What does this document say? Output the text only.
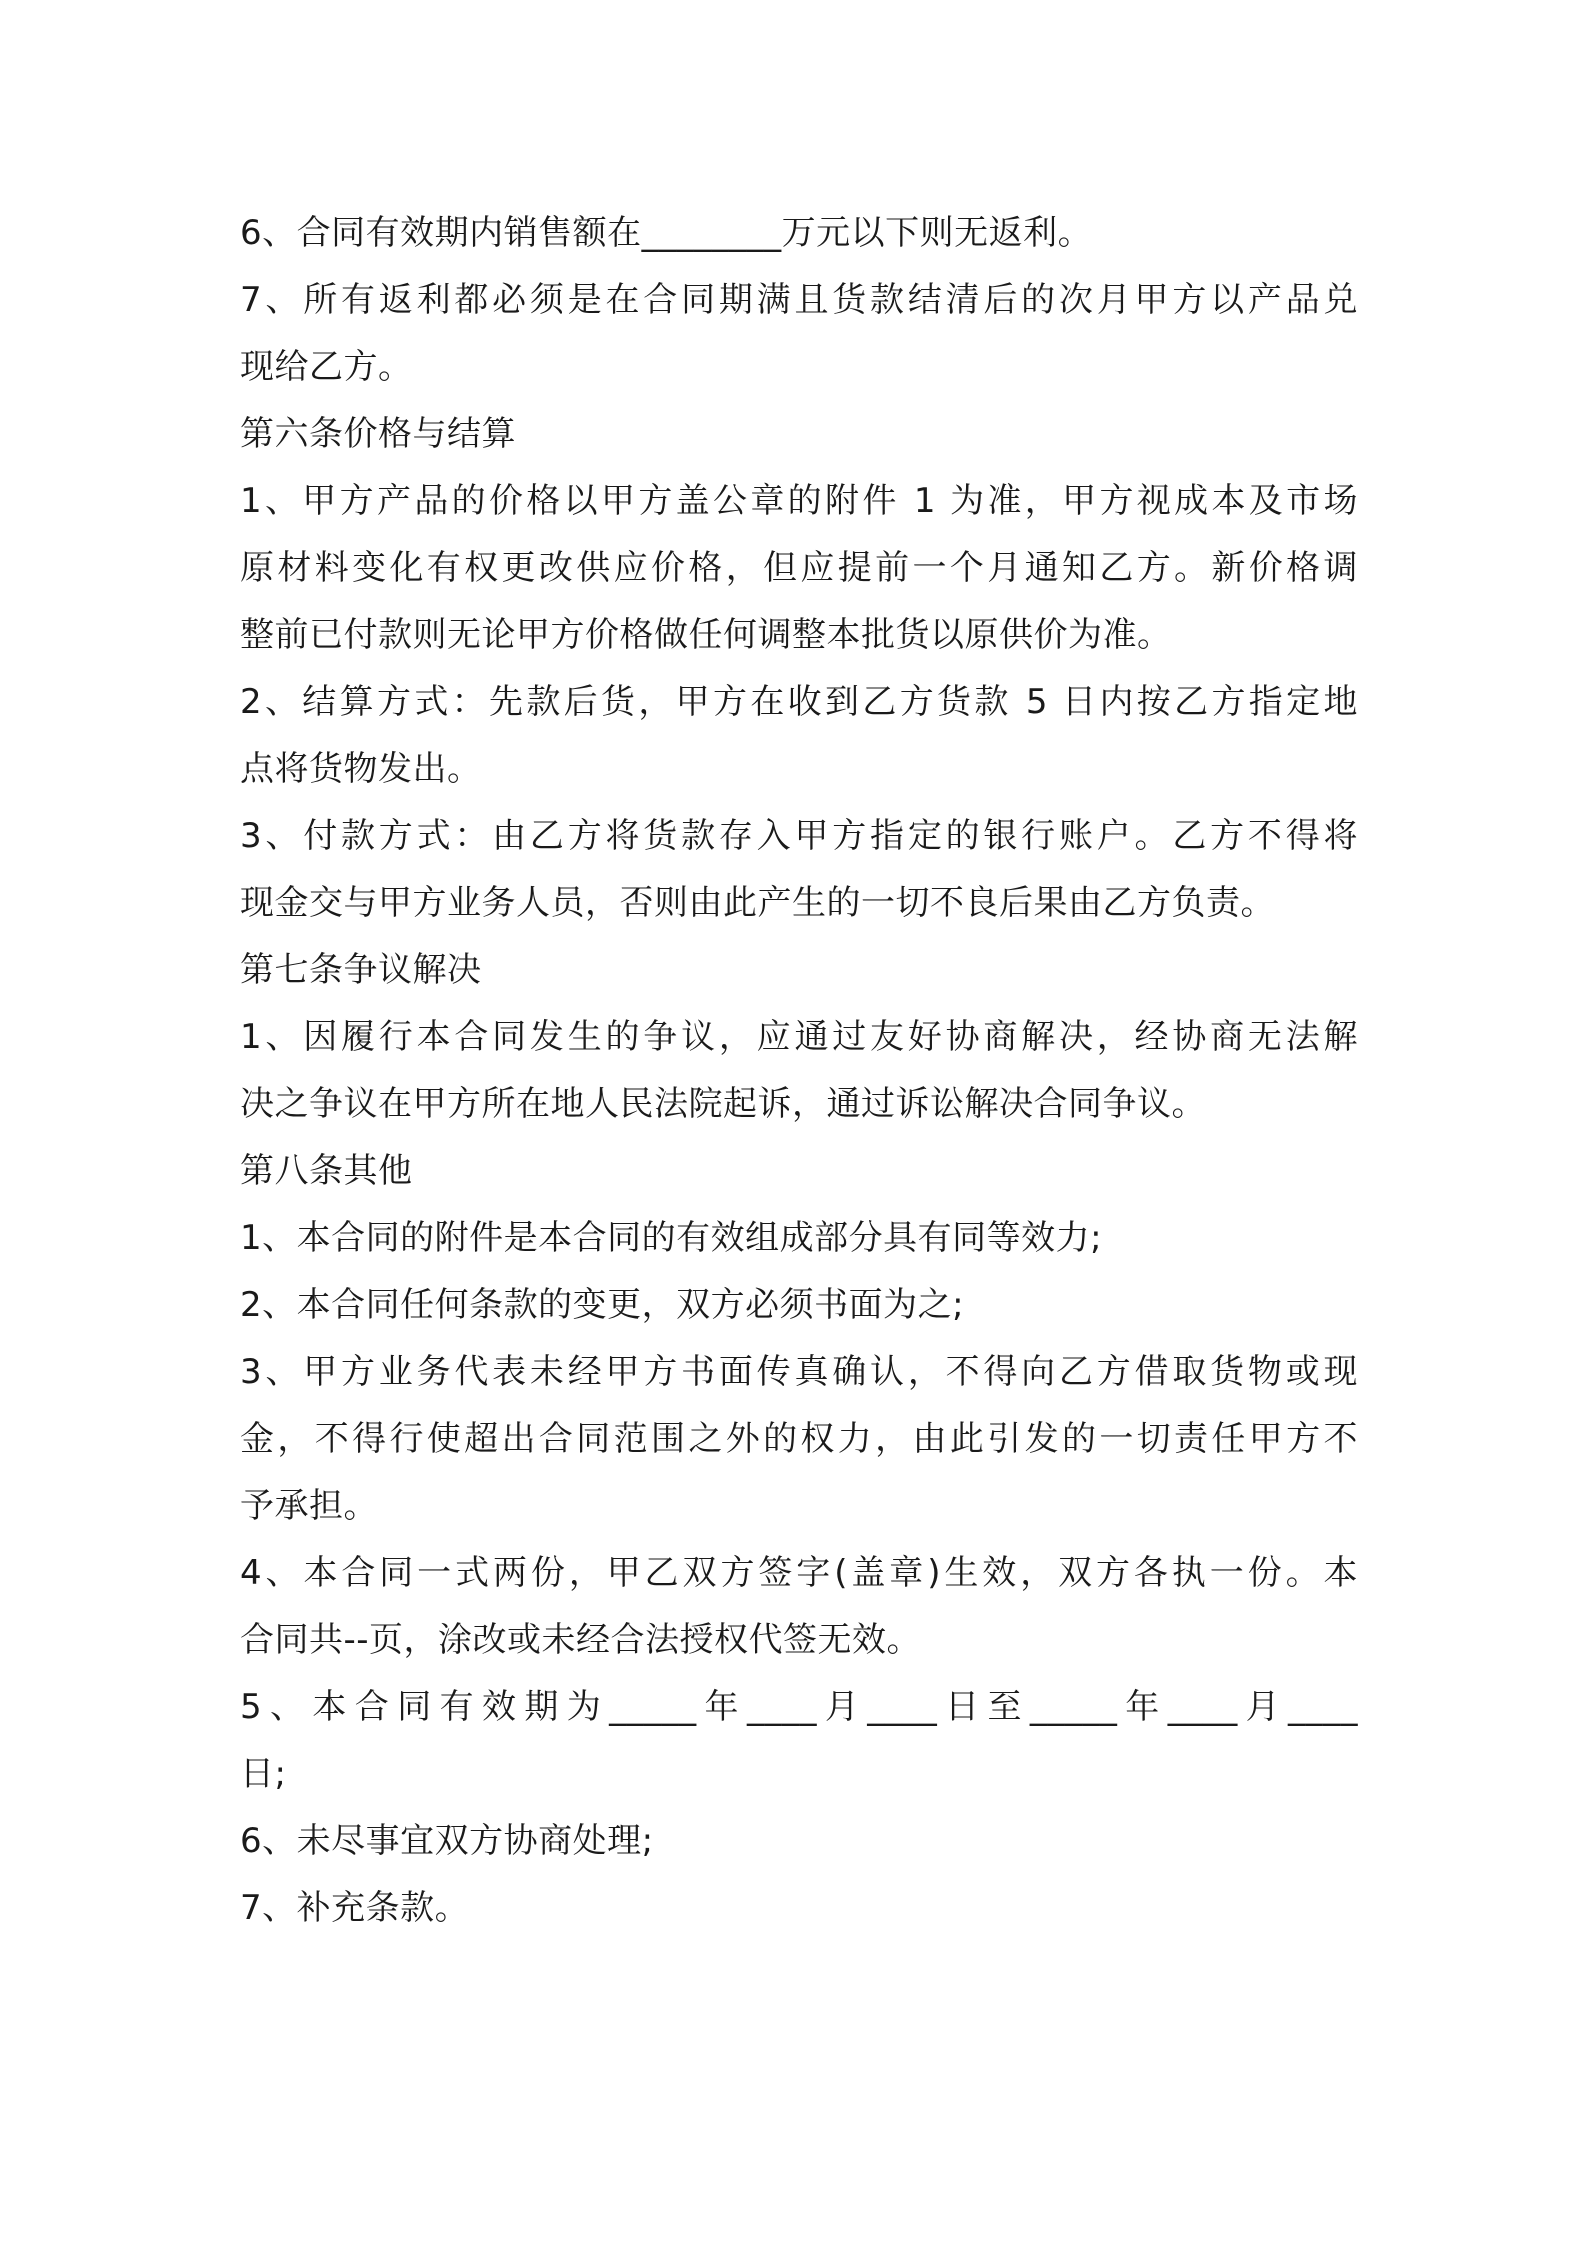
6、合同有效期内销售额在________万元以下则无返利。

7、所有返利都必须是在合同期满且货款结清后的次月甲方以产品兑

现给乙方。

第六条价格与结算

1、甲方产品的价格以甲方盖公章的附件 1 为准，甲方视成本及市场

原材料变化有权更改供应价格，但应提前一个月通知乙方。新价格调

整前已付款则无论甲方价格做任何调整本批货以原供价为准。

2、结算方式：先款后货，甲方在收到乙方货款 5 日内按乙方指定地

点将货物发出。

3、付款方式：由乙方将货款存入甲方指定的银行账户。乙方不得将

现金交与甲方业务人员，否则由此产生的一切不良后果由乙方负责。

第七条争议解决

1、因履行本合同发生的争议，应通过友好协商解决，经协商无法解

决之争议在甲方所在地人民法院起诉，通过诉讼解决合同争议。

第八条其他

1、本合同的附件是本合同的有效组成部分具有同等效力;

2、本合同任何条款的变更，双方必须书面为之;

3、甲方业务代表未经甲方书面传真确认，不得向乙方借取货物或现

金，不得行使超出合同范围之外的权力，由此引发的一切责任甲方不

予承担。

4、本合同一式两份，甲乙双方签字(盖章)生效，双方各执一份。本

合同共--页，涂改或未经合法授权代签无效。

5、本合同有效期为_____年____月____日至_____年____月____

日;

6、未尽事宜双方协商处理;

7、补充条款。
